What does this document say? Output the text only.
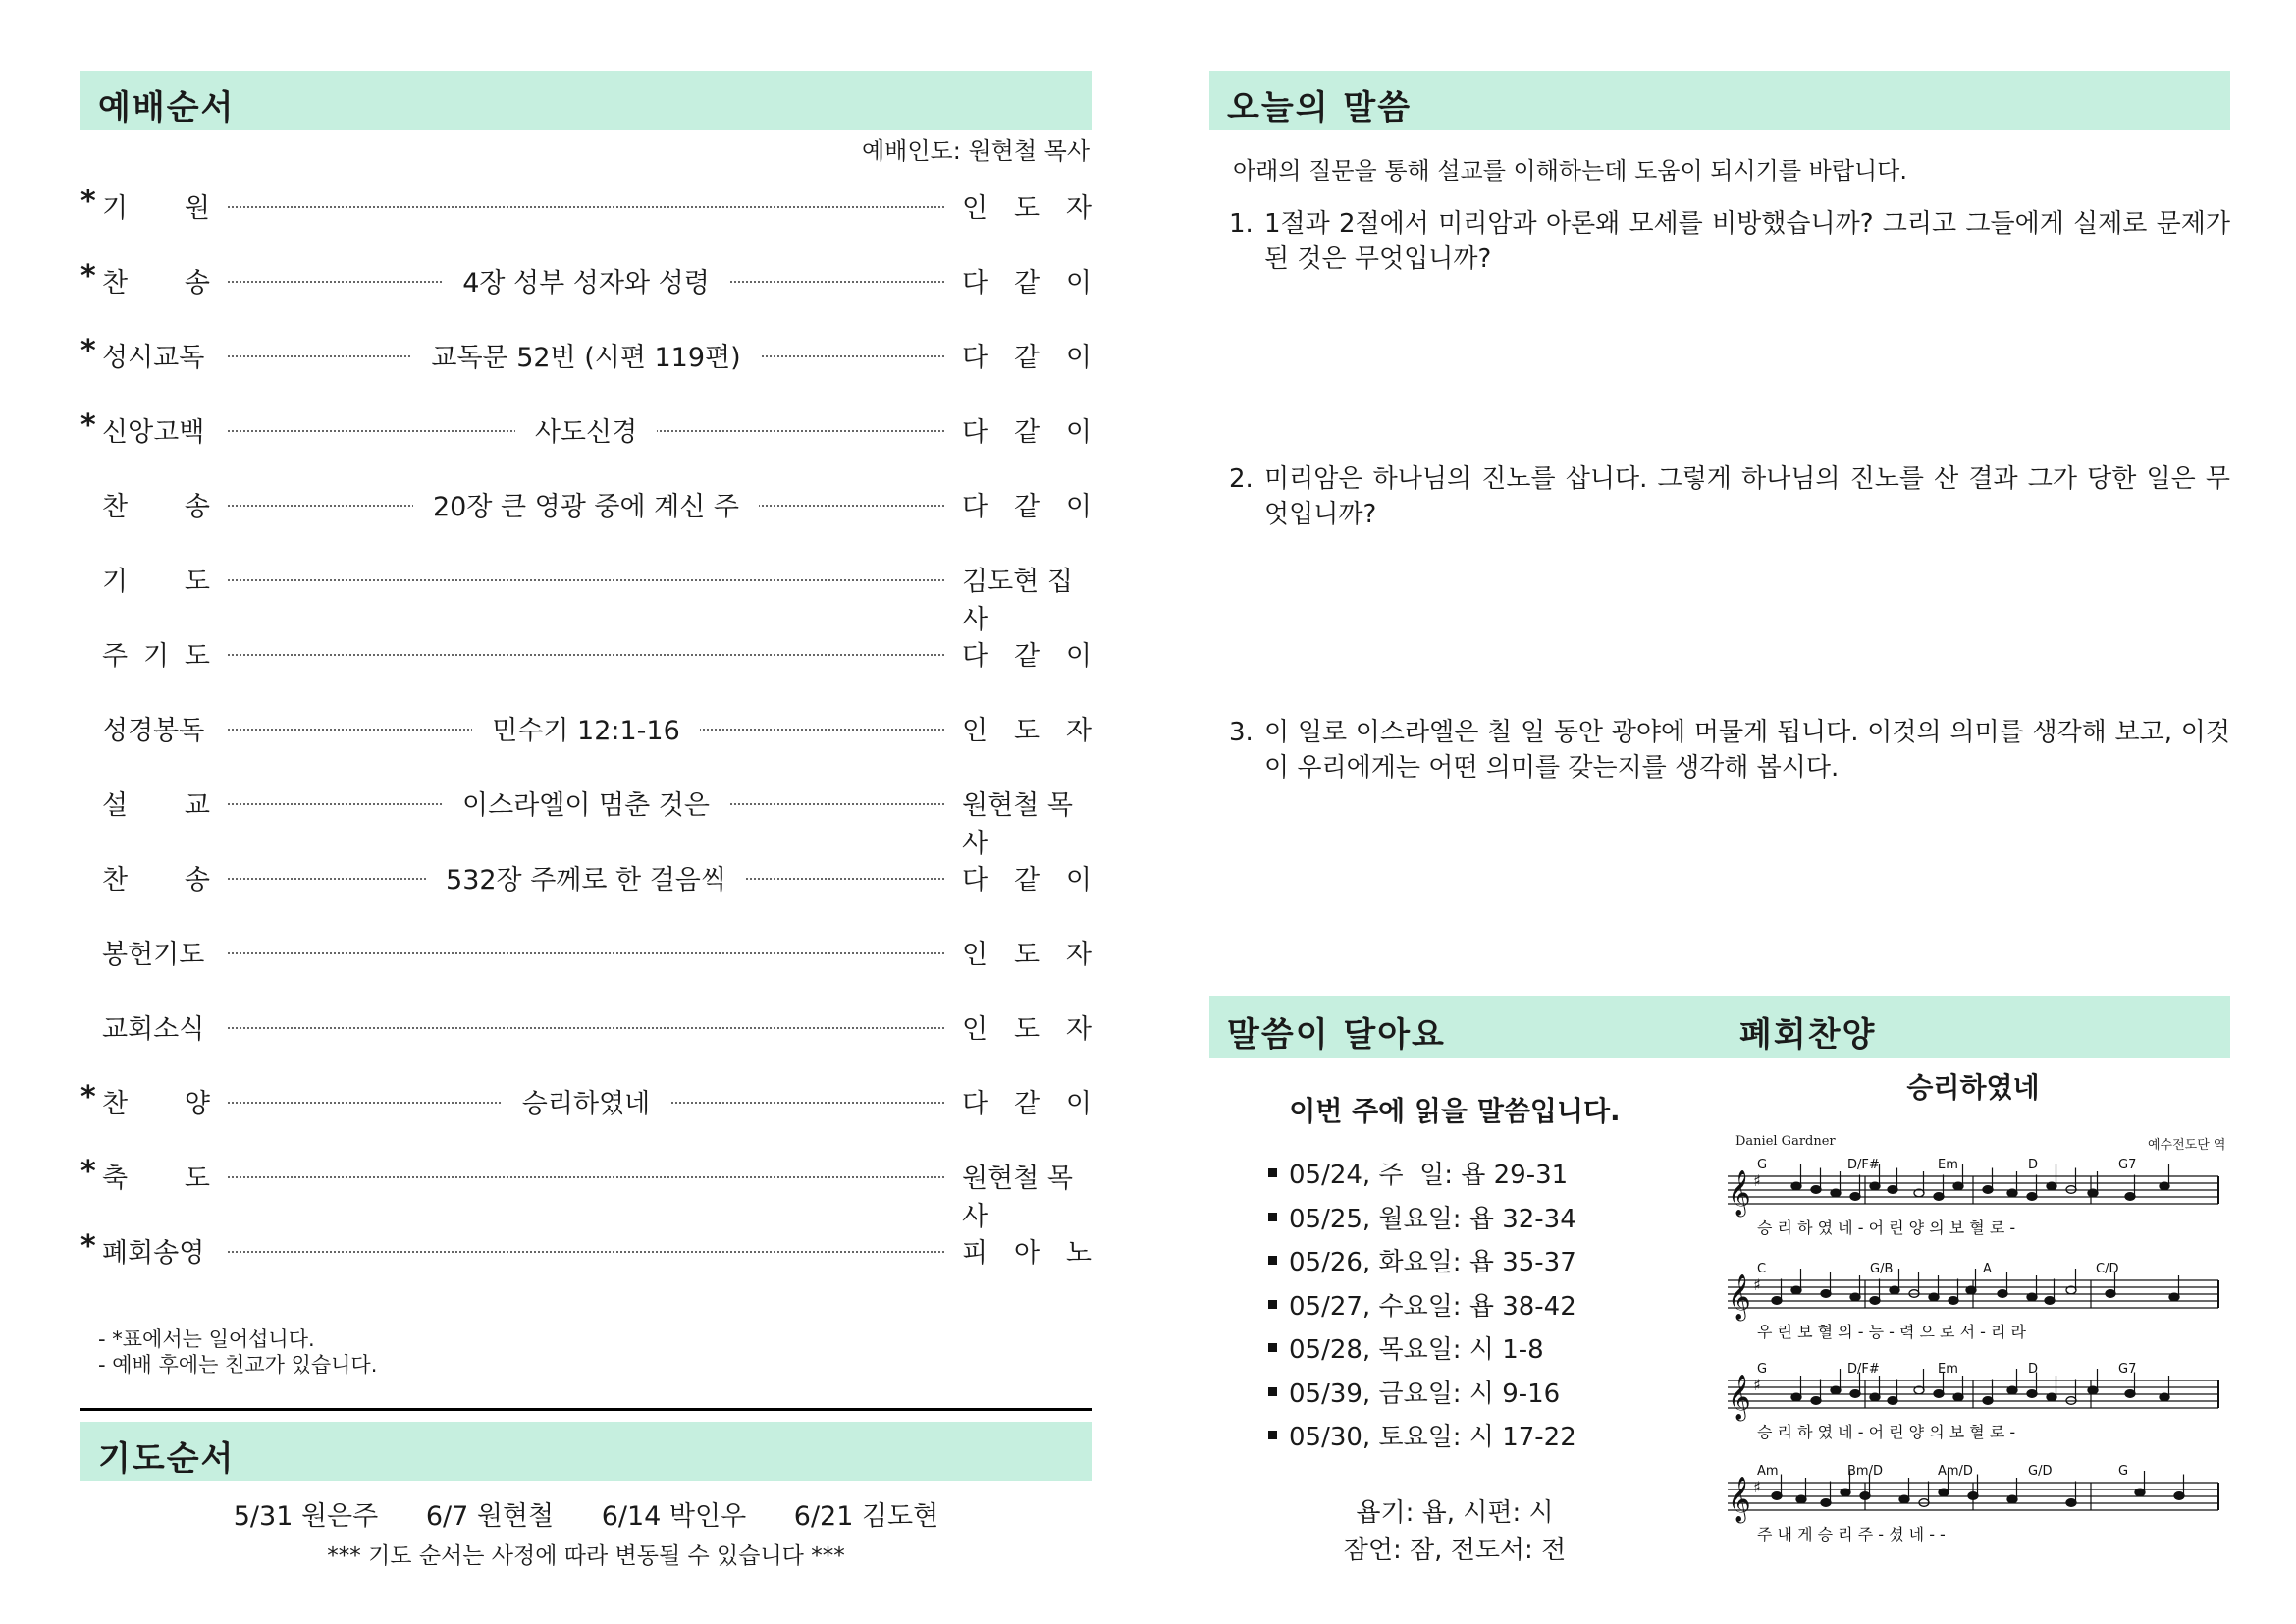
예배순서
예배인도: 원현철 목사
* 기 원	인 도 자
* 찬 송	4장 성부 성자와 성령	다 같 이
* 성시교독	교독문 52번 (시편 119편)	다 같 이
* 신앙고백	사도신경	다 같 이
찬 송	20장 큰 영광 중에 계신 주	다 같 이
기 도	김도현 집사
주 기 도	다 같 이
성경봉독	민수기 12:1-16	인 도 자
설 교	이스라엘이 멈춘 것은	원현철 목사
찬 송	532장 주께로 한 걸음씩	다 같 이
봉헌기도	인 도 자
교회소식	인 도 자
* 찬 양	승리하였네	다 같 이
* 축 도	원현철 목사
* 폐회송영	피 아 노
- *표에서는 일어섭니다.
- 예배 후에는 친교가 있습니다.
기도순서
5/31 원은주 6/7 원현철 6/14 박인우 6/21 김도현
*** 기도 순서는 사정에 따라 변동될 수 있습니다 ***
오늘의 말씀
아래의 질문을 통해 설교를 이해하는데 도움이 되시기를 바랍니다.
1. 1절과 2절에서 미리암과 아론왜 모세를 비방했습니까? 그리고 그들에게 실제로 문제가 된 것은 무엇입니까?
2. 미리암은 하나님의 진노를 삽니다. 그렇게 하나님의 진노를 산 결과 그가 당한 일은 무엇입니까?
3. 이 일로 이스라엘은 칠 일 동안 광야에 머물게 됩니다. 이것의 의미를 생각해 보고, 이것이 우리에게는 어떤 의미를 갖는지를 생각해 봅시다.
말씀이 달아요	폐회찬양
이번 주에 읽을 말씀입니다.
05/24, 주  일: 욥 29-31
05/25, 월요일: 욥 32-34
05/26, 화요일: 욥 35-37
05/27, 수요일: 욥 38-42
05/28, 목요일: 시 1-8
05/39, 금요일: 시 9-16
05/30, 토요일: 시 17-22
욥기: 욥, 시편: 시
잠언: 잠, 전도서: 전
승리하였네
Daniel Gardner	예수전도단 역
𝄞 ♯
G	D/F#	Em	D	G7
승 리 하 였 네 - 어 린 양 의 보 혈 로 -
𝄞 ♯
C	G/B	A	C/D
우 린 보 혈 의 - 능 - 력 으 로 서 - 리 라
𝄞 ♯
G	D/F#	Em	D	G7
승 리 하 였 네 - 어 린 양 의 보 혈 로 -
𝄞 ♯
Am	Bm/D	Am/D	G/D	G
주 내 게 승 리 주 - 셨 네 - -
